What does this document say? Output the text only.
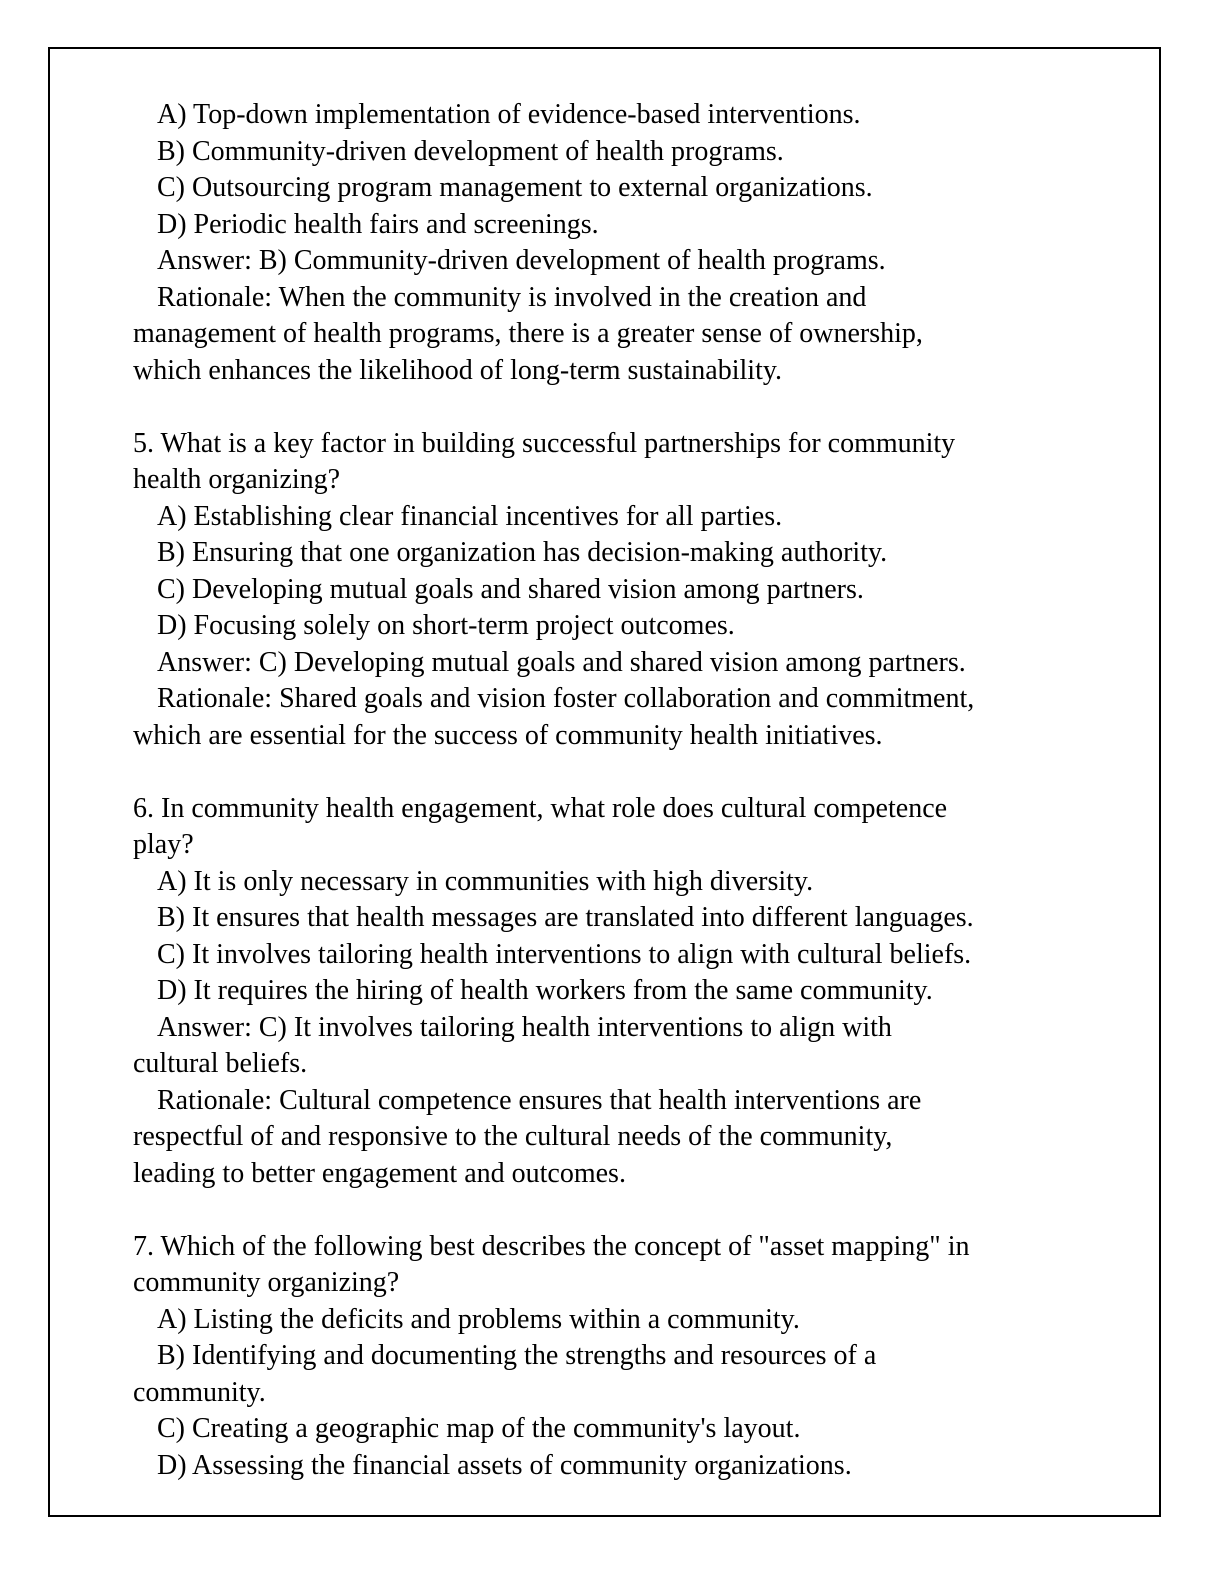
A) Top-down implementation of evidence-based interventions.
B) Community-driven development of health programs.
C) Outsourcing program management to external organizations.
D) Periodic health fairs and screenings.
Answer: B) Community-driven development of health programs.
Rationale: When the community is involved in the creation and
management of health programs, there is a greater sense of ownership,
which enhances the likelihood of long-term sustainability.
5. What is a key factor in building successful partnerships for community
health organizing?
A) Establishing clear financial incentives for all parties.
B) Ensuring that one organization has decision-making authority.
C) Developing mutual goals and shared vision among partners.
D) Focusing solely on short-term project outcomes.
Answer: C) Developing mutual goals and shared vision among partners.
Rationale: Shared goals and vision foster collaboration and commitment,
which are essential for the success of community health initiatives.
6. In community health engagement, what role does cultural competence
play?
A) It is only necessary in communities with high diversity.
B) It ensures that health messages are translated into different languages.
C) It involves tailoring health interventions to align with cultural beliefs.
D) It requires the hiring of health workers from the same community.
Answer: C) It involves tailoring health interventions to align with
cultural beliefs.
Rationale: Cultural competence ensures that health interventions are
respectful of and responsive to the cultural needs of the community,
leading to better engagement and outcomes.
7. Which of the following best describes the concept of "asset mapping" in
community organizing?
A) Listing the deficits and problems within a community.
B) Identifying and documenting the strengths and resources of a
community.
C) Creating a geographic map of the community's layout.
D) Assessing the financial assets of community organizations.
